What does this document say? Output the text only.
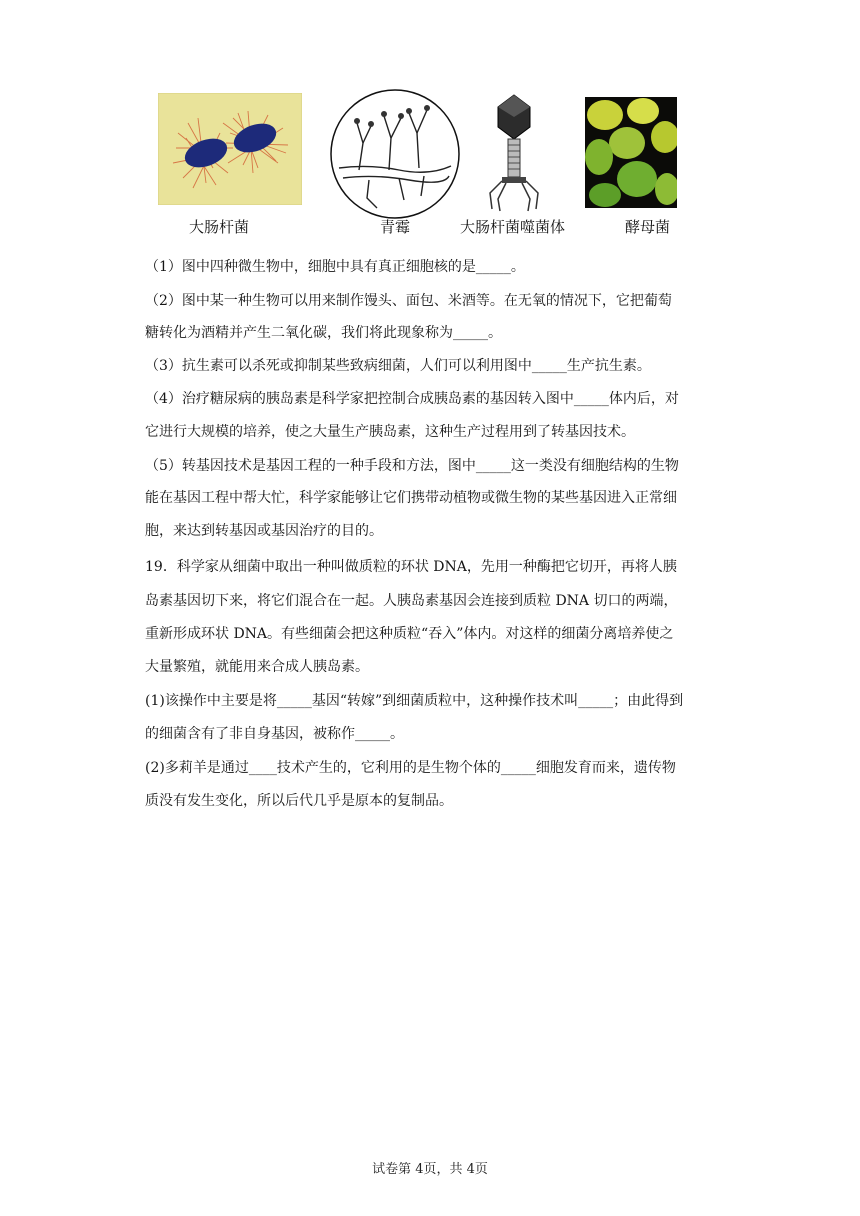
大肠杆菌	青霉	大肠杆菌噬菌体	酵母菌
（1）图中四种微生物中，细胞中具有真正细胞核的是_____。
（2）图中某一种生物可以用来制作馒头、面包、米酒等。在无氧的情况下，它把葡萄
糖转化为酒精并产生二氧化碳，我们将此现象称为_____。
（3）抗生素可以杀死或抑制某些致病细菌，人们可以利用图中_____生产抗生素。
（4）治疗糖尿病的胰岛素是科学家把控制合成胰岛素的基因转入图中_____体内后，对
它进行大规模的培养，使之大量生产胰岛素，这种生产过程用到了转基因技术。
（5）转基因技术是基因工程的一种手段和方法，图中_____这一类没有细胞结构的生物
能在基因工程中帮大忙，科学家能够让它们携带动植物或微生物的某些基因进入正常细
胞，来达到转基因或基因治疗的目的。
19．科学家从细菌中取出一种叫做质粒的环状 DNA，先用一种酶把它切开，再将人胰
岛素基因切下来，将它们混合在一起。人胰岛素基因会连接到质粒 DNA 切口的两端，
重新形成环状 DNA。有些细菌会把这种质粒“吞入”体内。对这样的细菌分离培养使之
大量繁殖，就能用来合成人胰岛素。
(1)该操作中主要是将_____基因“转嫁”到细菌质粒中，这种操作技术叫_____；由此得到
的细菌含有了非自身基因，被称作_____。
(2)多莉羊是通过____技术产生的，它利用的是生物个体的_____细胞发育而来，遗传物
质没有发生变化，所以后代几乎是原本的复制品。
试卷第 4页，共 4页
